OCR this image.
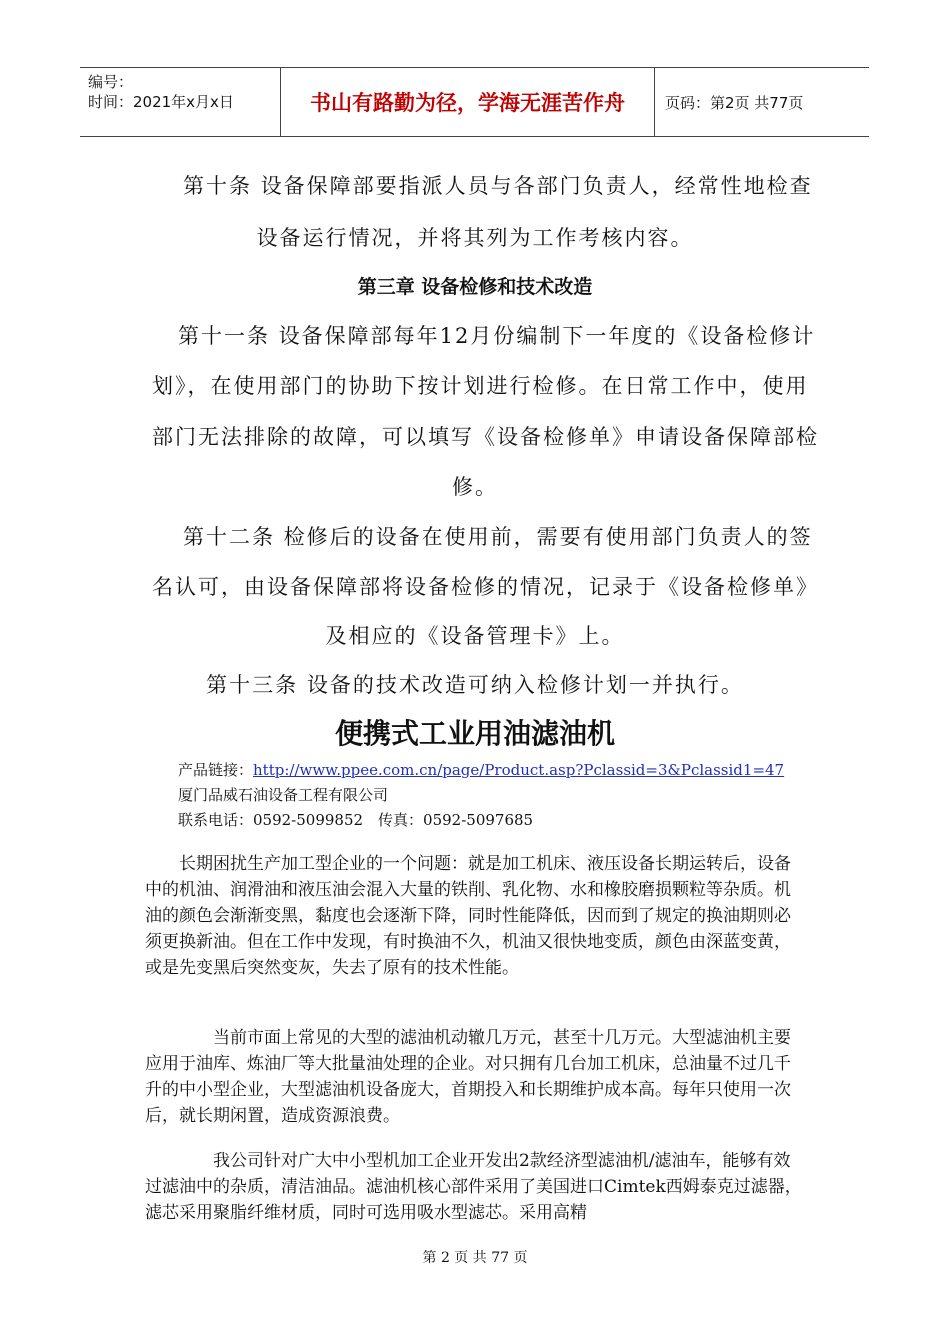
编号：
时间：2021年x月x日	书山有路勤为径，学海无涯苦作舟	页码：第2页 共77页
第十条 设备保障部要指派人员与各部门负责人，经常性地检查
设备运行情况，并将其列为工作考核内容。
第三章 设备检修和技术改造
第十一条 设备保障部每年12月份编制下一年度的《设备检修计
划》，在使用部门的协助下按计划进行检修。在日常工作中，使用
部门无法排除的故障，可以填写《设备检修单》申请设备保障部检
修。
第十二条 检修后的设备在使用前，需要有使用部门负责人的签
名认可，由设备保障部将设备检修的情况，记录于《设备检修单》
及相应的《设备管理卡》上。
第十三条 设备的技术改造可纳入检修计划一并执行。
便携式工业用油滤油机
产品链接：http://www.ppee.com.cn/page/Product.asp?Pclassid=3&Pclassid1=47
厦门品威石油设备工程有限公司
联系电话：0592-5099852　传真：0592-5097685
长期困扰生产加工型企业的一个问题：就是加工机床、液压设备长期运转后，设备中的机油、润滑油和液压油会混入大量的铁削、乳化物、水和橡胶磨损颗粒等杂质。机油的颜色会渐渐变黑，黏度也会逐渐下降，同时性能降低，因而到了规定的换油期则必须更换新油。但在工作中发现，有时换油不久，机油又很快地变质，颜色由深蓝变黄，或是先变黑后突然变灰，失去了原有的技术性能。
当前市面上常见的大型的滤油机动辙几万元，甚至十几万元。大型滤油机主要应用于油库、炼油厂等大批量油处理的企业。对只拥有几台加工机床，总油量不过几千升的中小型企业，大型滤油机设备庞大，首期投入和长期维护成本高。每年只使用一次后，就长期闲置，造成资源浪费。
我公司针对广大中小型机加工企业开发出2款经济型滤油机/滤油车，能够有效过滤油中的杂质，清洁油品。滤油机核心部件采用了美国进口Cimtek西姆泰克过滤器，滤芯采用聚脂纤维材质，同时可选用吸水型滤芯。采用高精
第 2 页 共 77 页
